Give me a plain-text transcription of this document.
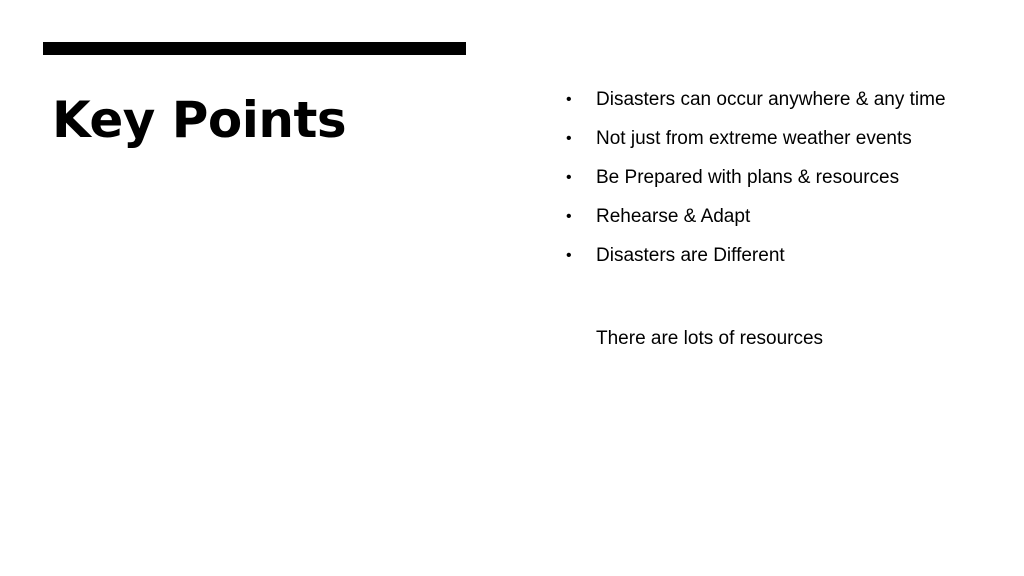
Key Points	•	Disasters can occur anywhere & any time
•	Not just from extreme weather events
•	Be Prepared with plans & resources
•	Rehearse & Adapt
•	Disasters are Different

There are lots of resources
